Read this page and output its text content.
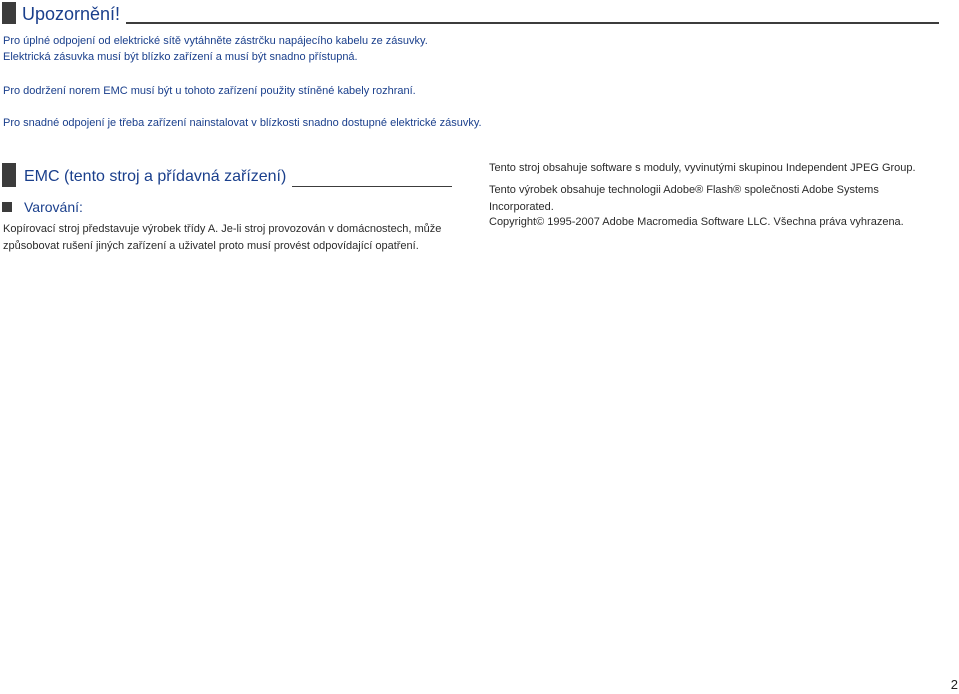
Upozornění!

Pro úplné odpojení od elektrické sítě vytáhněte zástrčku napájecího kabelu ze zásuvky.

Elektrická zásuvka musí být blízko zařízení a musí být snadno přístupná.

Pro dodržení norem EMC musí být u tohoto zařízení použity stíněné kabely rozhraní.

Pro snadné odpojení je třeba zařízení nainstalovat v blízkosti snadno dostupné elektrické zásuvky.

EMC (tento stroj a přídavná zařízení)
Varování:

Kopírovací stroj představuje výrobek třídy A. Je-li stroj provozován v domácnostech, může způsobovat rušení jiných zařízení a uživatel proto musí provést odpovídající opatření.

Tento stroj obsahuje software s moduly, vyvinutými skupinou Independent JPEG Group.

Tento výrobek obsahuje technologii Adobe® Flash® společnosti Adobe Systems Incorporated.

Copyright© 1995-2007 Adobe Macromedia Software LLC. Všechna práva vyhrazena.

2
